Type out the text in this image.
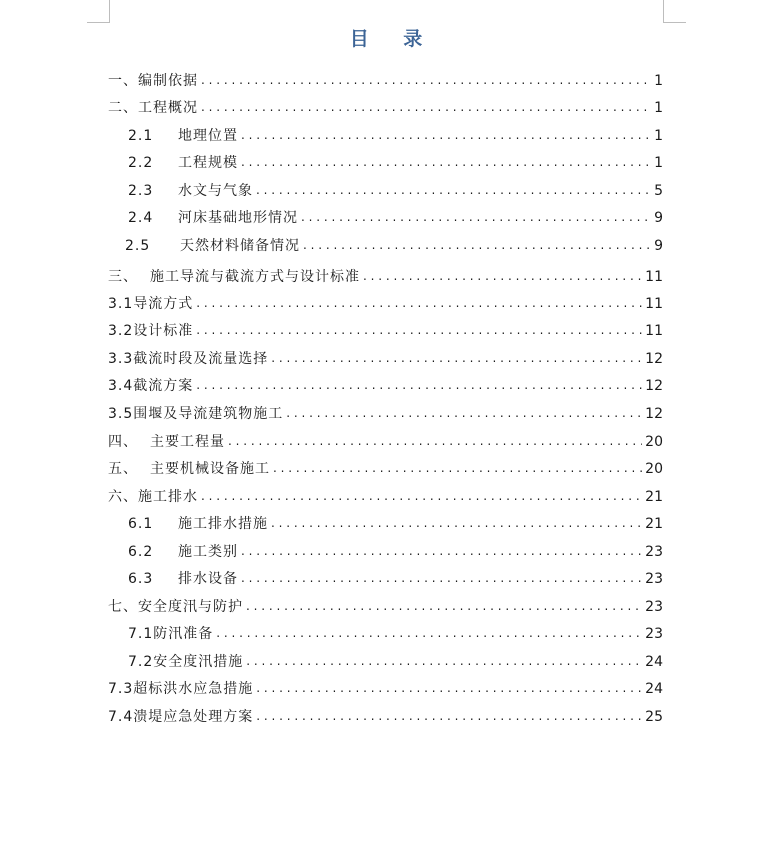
目 录
一、 编制依据 . . .	1
二、 工程概况 . . .	1
2.1	地理位置 . . .	1
2.2	工程规模 . . .	1
2.3	水文与气象 . . .	5
2.4	河床基础地形情况 . . .	9
2.5	天然材料储备情况 . . .	9
三、 施工导流与截流方式与设计标准 . . .	11
3.1 导流方式 . . .	11
3.2 设计标准 . . .	11
3.3 截流时段及流量选择 . . .	12
3.4 截流方案 . . .	12
3.5 围堰及导流建筑物施工 . . .	12
四、 主要工程量 . . .	20
五、 主要机械设备施工 . . .	20
六、 施工排水 . . .	21
6.1	施工排水措施 . . .	21
6.2	施工类别 . . .	23
6.3	排水设备 . . .	23
七、 安全度汛与防护 . . .	23
7.1 防汛准备 . . .	23
7.2 安全度汛措施 . . .	24
7.3 超标洪水应急措施 . . .	24
7.4 溃堤应急处理方案 . . .	25
